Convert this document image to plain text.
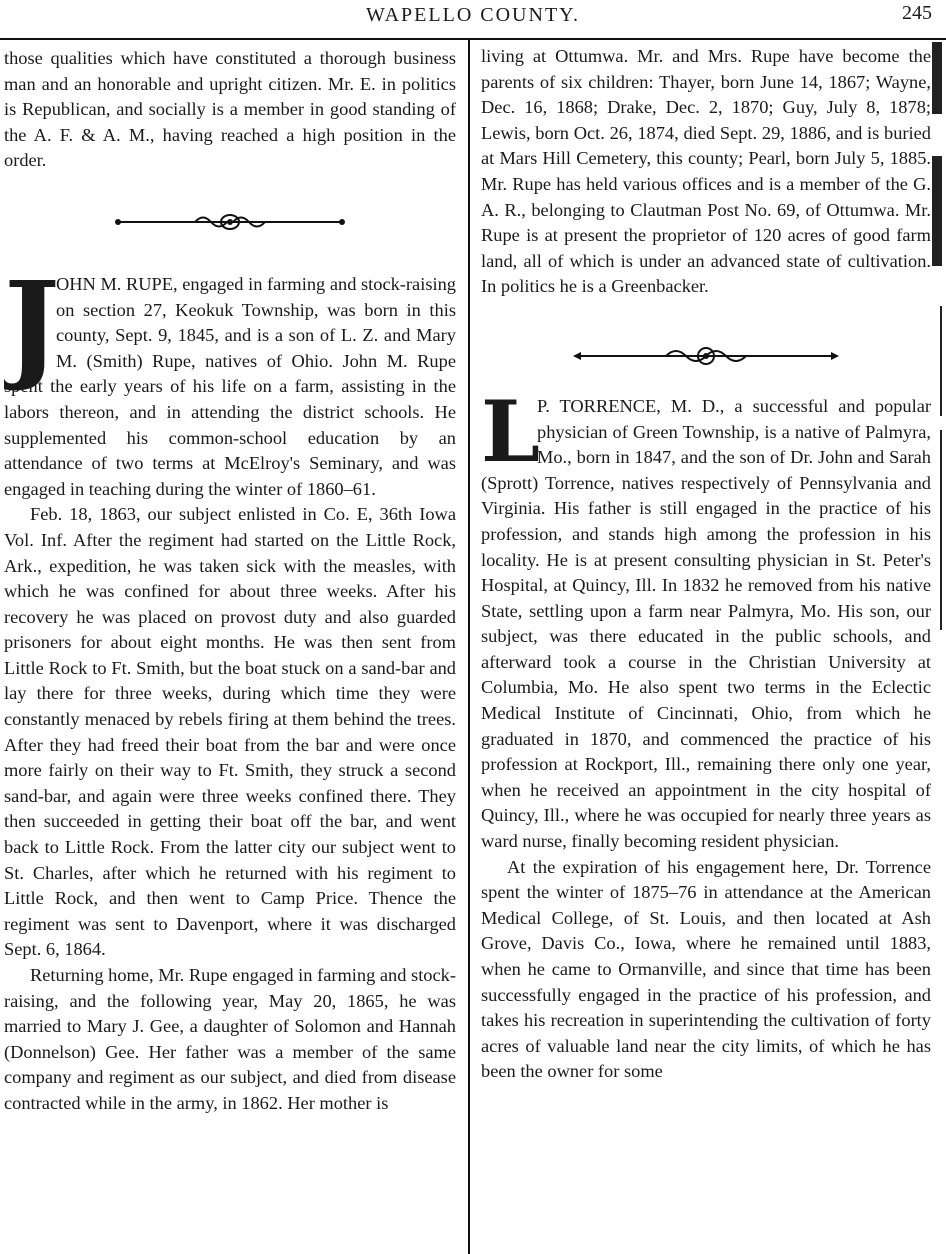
WAPELLO COUNTY.	245

those qualities which have constituted a thorough business man and an honorable and upright citizen. Mr. E. in politics is Republican, and socially is a member in good standing of the A. F. & A. M., having reached a high position in the order.

J

OHN M. RUPE, engaged in farming and stock-raising on section 27, Keokuk Township, was born in this county, Sept. 9, 1845, and is a son of L. Z. and Mary M. (Smith) Rupe, natives of Ohio. John M. Rupe spent the early years of his life on a farm, assisting in the labors thereon, and in attending the district schools. He supplemented his common-school education by an attendance of two terms at McElroy's Seminary, and was engaged in teaching during the winter of 1860–61.

Feb. 18, 1863, our subject enlisted in Co. E, 36th Iowa Vol. Inf. After the regiment had started on the Little Rock, Ark., expedition, he was taken sick with the measles, with which he was confined for about three weeks. After his recovery he was placed on provost duty and also guarded prisoners for about eight months. He was then sent from Little Rock to Ft. Smith, but the boat stuck on a sand-bar and lay there for three weeks, during which time they were constantly menaced by rebels firing at them behind the trees. After they had freed their boat from the bar and were once more fairly on their way to Ft. Smith, they struck a second sand-bar, and again were three weeks confined there. They then succeeded in getting their boat off the bar, and went back to Little Rock. From the latter city our subject went to St. Charles, after which he returned with his regiment to Little Rock, and then went to Camp Price. Thence the regiment was sent to Davenport, where it was discharged Sept. 6, 1864.

Returning home, Mr. Rupe engaged in farming and stock-raising, and the following year, May 20, 1865, he was married to Mary J. Gee, a daughter of Solomon and Hannah (Donnelson) Gee. Her father was a member of the same company and regiment as our subject, and died from disease contracted while in the army, in 1862. Her mother is

living at Ottumwa. Mr. and Mrs. Rupe have become the parents of six children: Thayer, born June 14, 1867; Wayne, Dec. 16, 1868; Drake, Dec. 2, 1870; Guy, July 8, 1878; Lewis, born Oct. 26, 1874, died Sept. 29, 1886, and is buried at Mars Hill Cemetery, this county; Pearl, born July 5, 1885. Mr. Rupe has held various offices and is a member of the G. A. R., belonging to Clautman Post No. 69, of Ottumwa. Mr. Rupe is at present the proprietor of 120 acres of good farm land, all of which is under an advanced state of cultivation. In politics he is a Greenbacker.

L

P. TORRENCE, M. D., a successful and popular physician of Green Township, is a native of Palmyra, Mo., born in 1847, and the son of Dr. John and Sarah (Sprott) Torrence, natives respectively of Pennsylvania and Virginia. His father is still engaged in the practice of his profession, and stands high among the profession in his locality. He is at present consulting physician in St. Peter's Hospital, at Quincy, Ill. In 1832 he removed from his native State, settling upon a farm near Palmyra, Mo. His son, our subject, was there educated in the public schools, and afterward took a course in the Christian University at Columbia, Mo. He also spent two terms in the Eclectic Medical Institute of Cincinnati, Ohio, from which he graduated in 1870, and commenced the practice of his profession at Rockport, Ill., remaining there only one year, when he received an appointment in the city hospital of Quincy, Ill., where he was occupied for nearly three years as ward nurse, finally becoming resident physician.

At the expiration of his engagement here, Dr. Torrence spent the winter of 1875–76 in attendance at the American Medical College, of St. Louis, and then located at Ash Grove, Davis Co., Iowa, where he remained until 1883, when he came to Ormanville, and since that time has been successfully engaged in the practice of his profession, and takes his recreation in superintending the cultivation of forty acres of valuable land near the city limits, of which he has been the owner for some
